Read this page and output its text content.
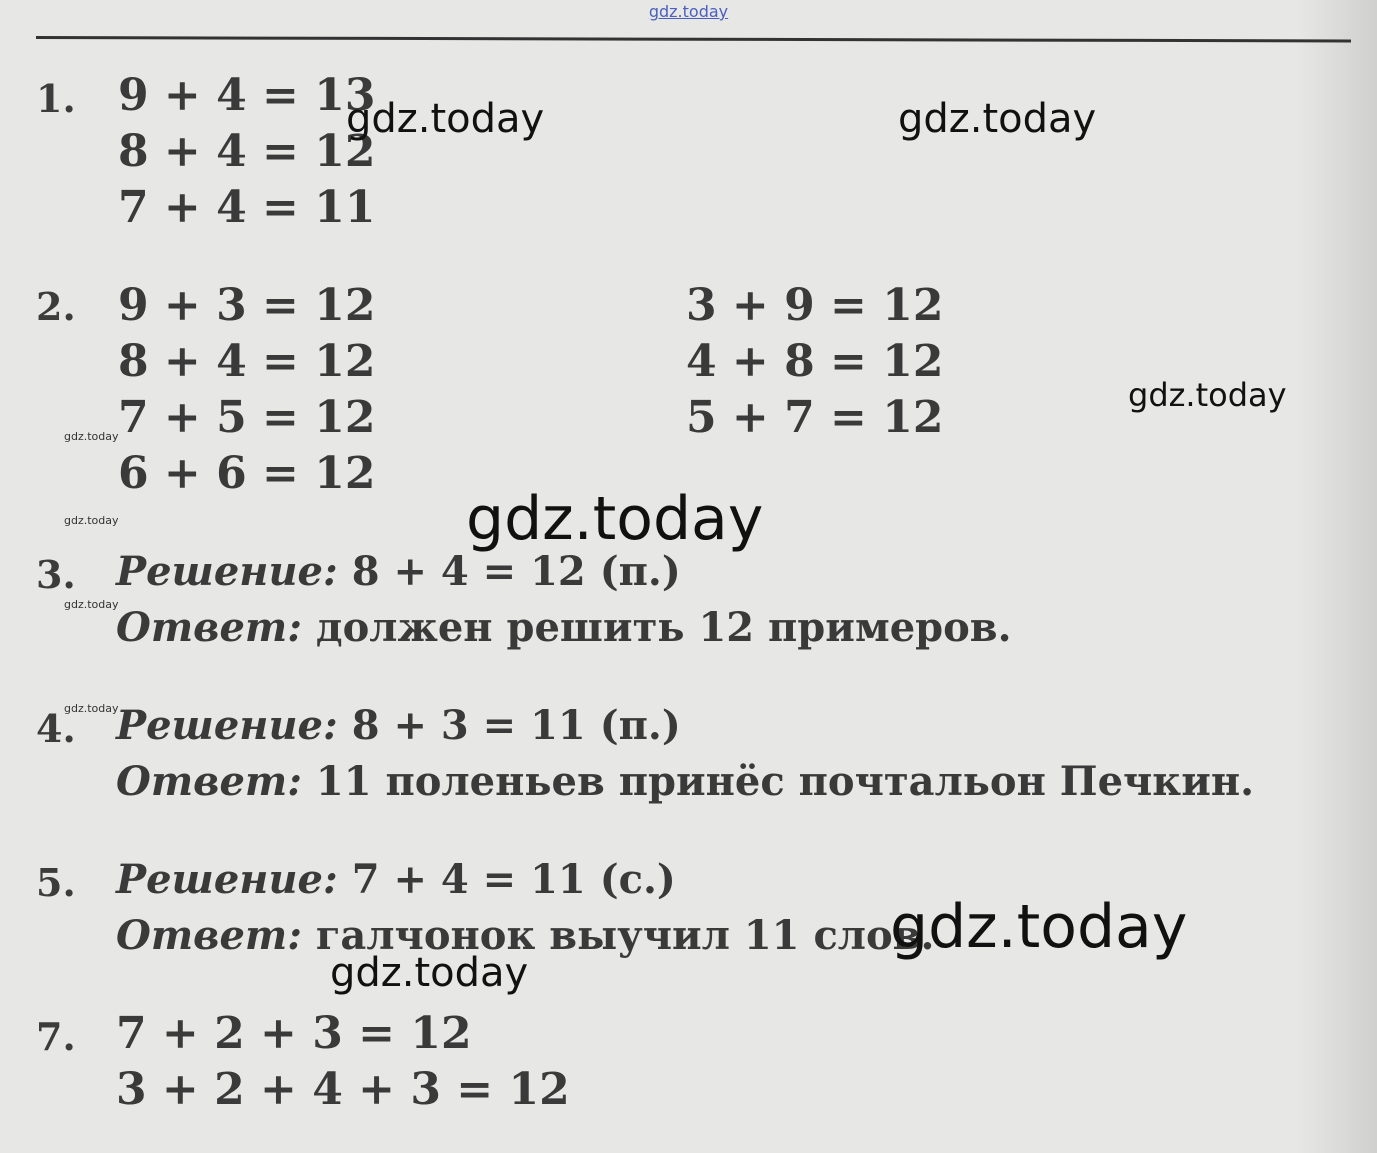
gdz.today
1. 9 + 4 = 13
8 + 4 = 12
7 + 4 = 11
2. 9 + 3 = 12
8 + 4 = 12
7 + 5 = 12
6 + 6 = 12
3 + 9 = 12
4 + 8 = 12
5 + 7 = 12
3. Решение: 8 + 4 = 12 (п.)
Ответ: должен решить 12 примеров.
4. Решение: 8 + 3 = 11 (п.)
Ответ: 11 поленьев принёс почтальон Печкин.
5. Решение: 7 + 4 = 11 (с.)
Ответ: галчонок выучил 11 слов.
7. 7 + 2 + 3 = 12
3 + 2 + 4 + 3 = 12
gdz.today	gdz.today
gdz.today
gdz.today
gdz.today
gdz.today
gdz.today
gdz.today
gdz.today
gdz.today
